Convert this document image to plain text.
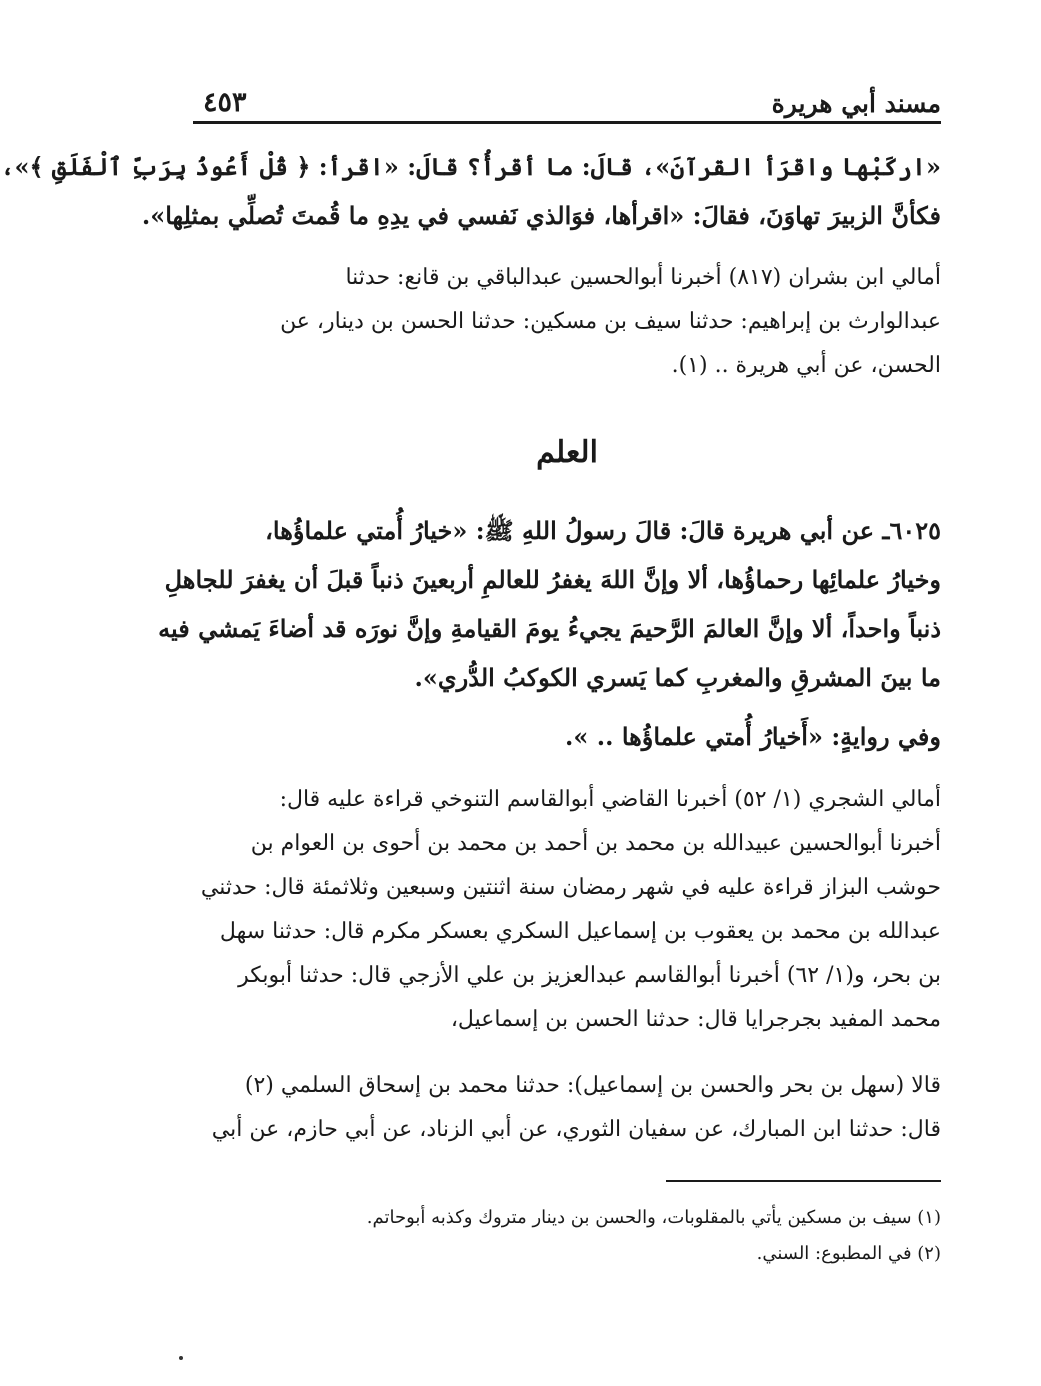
مسند أبي هريرة
٤٥٣
«اركَبْها واقرَأ القرآنَ»، قالَ: ما أقرأُ؟ قالَ: «اقرأ: ﴿ قُلْ أَعُوذُ بِرَبِّ ٱلْفَلَقِ ﴾»،
فكأنَّ الزبيرَ تهاوَنَ، فقالَ: «اقرأها، فوَالذي نَفسي في يدِهِ ما قُمتَ تُصلِّي بمثلِها».
أمالي ابن بشران (٨١٧) أخبرنا أبوالحسين عبدالباقي بن قانع: حدثنا
عبدالوارث بن إبراهيم: حدثنا سيف بن مسكين: حدثنا الحسن بن دينار، عن
الحسن، عن أبي هريرة .. (١).
العلم
٦٠٢٥ـ عن أبي هريرة قالَ: قالَ رسولُ اللهِ ﷺ: «خيارُ أُمتي علماؤُها،
وخيارُ علمائِها رحماؤُها، ألا وإنَّ اللهَ يغفرُ للعالمِ أربعينَ ذنباً قبلَ أن يغفرَ للجاهلِ
ذنباً واحداً، ألا وإنَّ العالمَ الرَّحيمَ يجيءُ يومَ القيامةِ وإنَّ نورَه قد أضاءَ يَمشي فيه
ما بينَ المشرقِ والمغربِ كما يَسري الكوكبُ الدُّري».
وفي روايةٍ: «أَخيارُ أُمتي علماؤُها .. ».
أمالي الشجري (١/ ٥٢) أخبرنا القاضي أبوالقاسم التنوخي قراءة عليه قال:
أخبرنا أبوالحسين عبيدالله بن محمد بن أحمد بن محمد بن أحوى بن العوام بن
حوشب البزاز قراءة عليه في شهر رمضان سنة اثنتين وسبعين وثلاثمئة قال: حدثني
عبدالله بن محمد بن يعقوب بن إسماعيل السكري بعسكر مكرم قال: حدثنا سهل
بن بحر، و(١/ ٦٢) أخبرنا أبوالقاسم عبدالعزيز بن علي الأزجي قال: حدثنا أبوبكر
محمد المفيد بجرجرايا قال: حدثنا الحسن بن إسماعيل،
قالا (سهل بن بحر والحسن بن إسماعيل): حدثنا محمد بن إسحاق السلمي (٢)
قال: حدثنا ابن المبارك، عن سفيان الثوري، عن أبي الزناد، عن أبي حازم، عن أبي
(١) سيف بن مسكين يأتي بالمقلوبات، والحسن بن دينار متروك وكذبه أبوحاتم.
(٢) في المطبوع: السني.
